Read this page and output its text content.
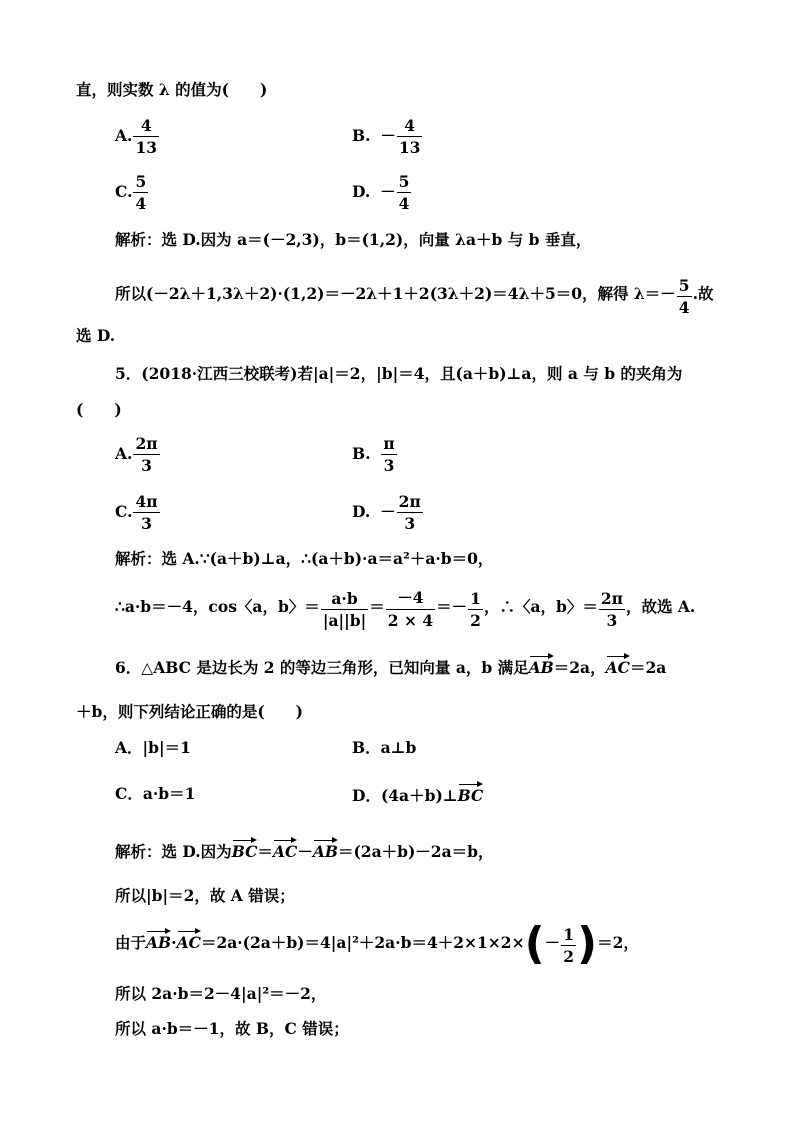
直，则实数 λ 的值为(　　)
A. $\frac{4}{13}$	B. － $\frac{4}{13}$
C. $\frac{5}{4}$	D. － $\frac{5}{4}$
解析：选 D.因为 a＝(－2,3)，b＝(1,2)，向量 λa＋b 与 b 垂直，
所以(－2λ＋1,3λ＋2)·(1,2)＝－2λ＋1＋2(3λ＋2)＝4λ＋5＝0，解得 $\lambda=- \frac{5}{4}$ .故
选 D.
5．(2018·江西三校联考)若|a|＝2，|b|＝4，且(a＋b)⊥a，则 a 与 b 的夹角为
(　　)
A. $\frac{2\pi}{3}$	B. $\frac{\pi}{3}$
C. $\frac{4\pi}{3}$	D. － $\frac{2\pi}{3}$
解析：选 A.∵(a＋b)⊥a，∴(a＋b)·a＝a²＋a·b＝0，
∴a·b＝－4，cos〈a，b〉＝ $\frac{a\cdot b}{|a||b|} = \frac{-4}{2 \times 4} =- \frac{1}{2}$ ，∴〈a，b〉＝ $\frac{2\pi}{3}$ ，故选 A.
6．△ABC 是边长为 2 的等边三角形，已知向量 a，b 满足AB＝2a，AC＝2a
＋b，则下列结论正确的是(　　)
A．|b|＝1	B．a⊥b
C．a·b＝1	D．(4a＋b)⊥BC
解析：选 D.因为BC＝AC－AB＝(2a＋b)－2a＝b，
所以|b|＝2，故 A 错误；
由于$AB\cdot AC=2a\cdot(2a+b)=4|a|^2+2a\cdot b=4+2\times 1\times 2\times(- \frac{1}{2} )=2$，
所以 2a·b＝2－4|a|²＝－2，
所以 a·b＝－1，故 B，C 错误；
